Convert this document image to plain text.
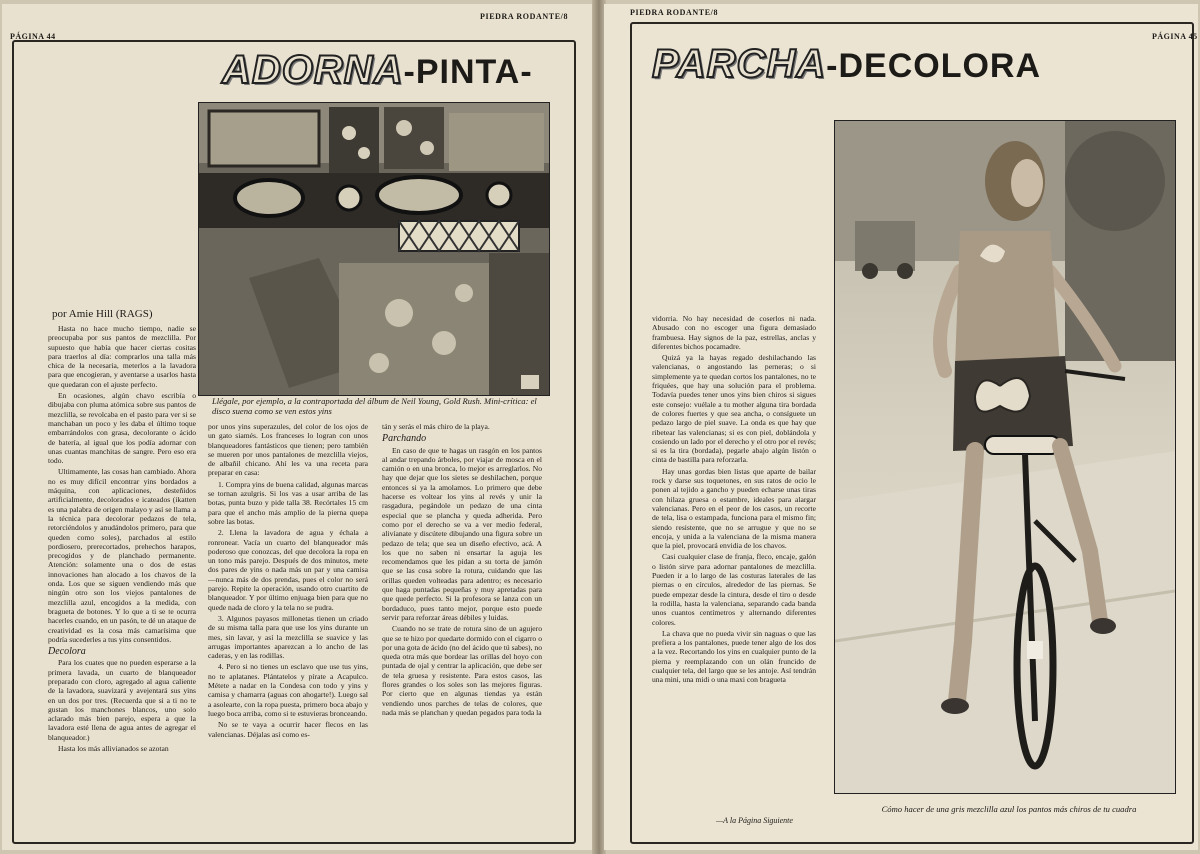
PÁGINA 44
PIEDRA RODANTE/8
ADORNA-PINTA-
Llégale, por ejemplo, a la contraportada del álbum de Neil Young, Gold Rush. Mini-crítica: el disco suena como se ven estos yins
por Amie Hill (RAGS)

Hasta no hace mucho tiempo, nadie se preocupaba por sus pantos de mezclilla. Por supuesto que había que hacer ciertas cositas para traerlos al día: comprarlos una talla más chica de la necesaria, meterlos a la lavadora para que encogieran, y aventarse a usarlos hasta que quedaran con el ajuste perfecto.

En ocasiones, algún chavo escribía o dibujaba con pluma atómica sobre sus pantos de mezclilla, se revolcaba en el pasto para ver si se manchaban un poco y les daba el último toque embarrándolos con grasa, decolorante o ácido de batería, al igual que los podía adornar con unas cuantas manchitas de sangre. Pero eso era todo.

Ultimamente, las cosas han cambiado. Ahora no es muy difícil encontrar yins bordados a máquina, con aplicaciones, desteñidos artificialmente, decolorados e icateados (ikatten es una palabra de origen malayo y así se llama a la técnica para decolorar pedazos de tela, retorciéndolos y anudándolos primero, para que queden como soles), parchados al estilo pordiosero, prerecortados, prehechos harapos, precogidos y de planchado permanente. Atención: solamente una o dos de estas innovaciones han alocado a los chavos de la onda. Los que se siguen vendiendo más que ningún otro son los viejos pantalones de mezclilla azul, encogidos a la medida, con bragueta de botones. Y lo que a ti se te ocurra hacerles cuando, en un pasón, te dé un ataque de creatividad es la cosa más camarísima que podría sucederles a tus yins consentidos.

Decolora

Para los cuates que no pueden esperarse a la primera lavada, un cuarto de blanqueador preparado con cloro, agregado al agua caliente de la lavadora, suavizará y avejentará sus yins en un dos por tres. (Recuerda que si a ti no te gustan los manchones blancos, uno solo aclarado más bien parejo, espera a que la lavadora esté llena de agua antes de agregar el blanqueador.)

Hasta los más allivianados se azotan

por unos yins superazules, del color de los ojos de un gato siamés. Los franceses lo logran con unos blanqueadores fantásticos que tienen; pero también se mueren por unos pantalones de mezclilla viejos, de albañil chicano. Ahí les va una receta para preparar en casa:

1. Compra yins de buena calidad, algunas marcas se tornan azulgris. Si los vas a usar arriba de las botas, punta buzo y pide talla 38. Recórtales 15 cm para que el ancho más amplio de la pierna quepa sobre las botas.

2. Llena la lavadora de agua y échala a ronronear. Vacía un cuarto del blanqueador más poderoso que conozcas, del que decolora la ropa en un tono más parejo. Después de dos minutos, mete dos pares de yins o nada más un par y una camisa —nunca más de dos prendas, pues el color no será parejo. Repite la operación, usando otro cuartito de blanqueador. Y por último enjuaga bien para que no quede nada de cloro y la tela no se pudra.

3. Algunos payasos millonetas tienen un criado de su misma talla para que use los yins durante un mes, sin lavar, y así la mezclilla se suavice y las arrugas importantes aparezcan a lo ancho de las caderas, y en las rodillas.

4. Pero si no tienes un esclavo que use tus yins, no te aplatanes. Plántatelos y pírate a Acapulco. Métete a nadar en la Condesa con todo y yins y camisa y chamarra (aguas con ahogarte!). Luego sal a asolearte, con la ropa puesta, primero boca abajo y luego boca arriba, como si te estuvieras bronceando.

No se te vaya a ocurrir hacer flecos en las valencianas. Déjalas así como es-

tán y serás el más chiro de la playa.

Parchando

En caso de que te hagas un rasgón en los pantos al andar trepando árboles, por viajar de mosca en el camión o en una bronca, lo mejor es arreglarlos. No hay que dejar que los sietes se deshilachen, porque entonces si ya la amolamos. Lo primero que debe hacerse es voltear los yins al revés y unir la rasgadura, pegándole un pedazo de una cinta especial que se plancha y queda adherida. Pero como por el derecho se va a ver medio federal, alivíanate y discútete dibujando una figura sobre un pedazo de tela; que sea un diseño efectivo, acá. A los que no saben ni ensartar la aguja les recomendamos que les pidan a su torta de jamón que se las cosa sobre la rotura, cuidando que las orillas queden volteadas para adentro; es necesario que haga puntadas pequeñas y muy apretadas para que quede perfecto. Si la profesora se lanza con un bordaduco, pues tanto mejor, porque esto puede servir para reforzar áreas débiles y luidas.

Cuando no se trate de rotura sino de un agujero que se te hizo por quedarte dormido con el cigarro o por una gota de ácido (no del ácido que tú sabes), no queda otra más que bordear las orillas del hoyo con puntada de ojal y centrar la aplicación, que debe ser de tela gruesa y resistente. Para estos casos, las flores grandes o los soles son las mejores figuras. Por cierto que en algunas tiendas ya están vendiendo unos parches de telas de colores, que nada más se planchan y quedan pegados para toda la

PIEDRA RODANTE/8
PÁGINA 45
PARCHA-DECOLORA

vidorria. No hay necesidad de coserlos ni nada. Abusado con no escoger una figura demasiado frambuesa. Hay signos de la paz, estrellas, anclas y diferentes bichos pocamadre.

Quizá ya la hayas regado deshilachando las valencianas, o angostando las perneras; o si simplemente ya te quedan cortos los pantalones, no te friquées, que hay una solución para el problema. Todavía puedes tener unos yins bien chiros si sigues este consejo: vuélale a tu mother alguna tira bordada de colores fuertes y que sea ancha, o consíguete un pedazo largo de piel suave. La onda es que hay que ribetear las valencianas; si es con piel, doblándola y cosiendo un lado por el derecho y el otro por el revés; si es la tira (bordada), pegarle abajo algún listón o cinta de bastilla para reforzarla.

Hay unas gordas bien listas que aparte de bailar rock y darse sus toquetones, en sus ratos de ocio le ponen al tejido a gancho y pueden echarse unas tiras con hilaza gruesa o estambre, ideales para alargar valencianas. Pero en el peor de los casos, un recorte de tela, lisa o estampada, funciona para el mismo fin; siendo resistente, que no se arrugue y que no se encoja, y unida a la valenciana de la misma manera que la piel, provocará envidia de los chavos.

Casi cualquier clase de franja, fleco, encaje, galón o listón sirve para adornar pantalones de mezclilla. Pueden ir a lo largo de las costuras laterales de las piernas o en círculos, alrededor de las piernas. Se puede empezar desde la cintura, desde el tiro o desde la rodilla, hasta la valenciana, separando cada banda unos cuantos centímetros y alternando diferentes colores.

La chava que no pueda vivir sin naguas o que las prefiera a los pantalones, puede tener algo de los dos a la vez. Recortando los yins en cualquier punto de la pierna y reemplazando con un olán fruncido de cualquier tela, del largo que se les antoje. Así tendrán una mini, una midi o una maxi con bragueta

—A la Página Siguiente
Cómo hacer de una gris mezclilla azul los pantos más chiros de tu cuadra
